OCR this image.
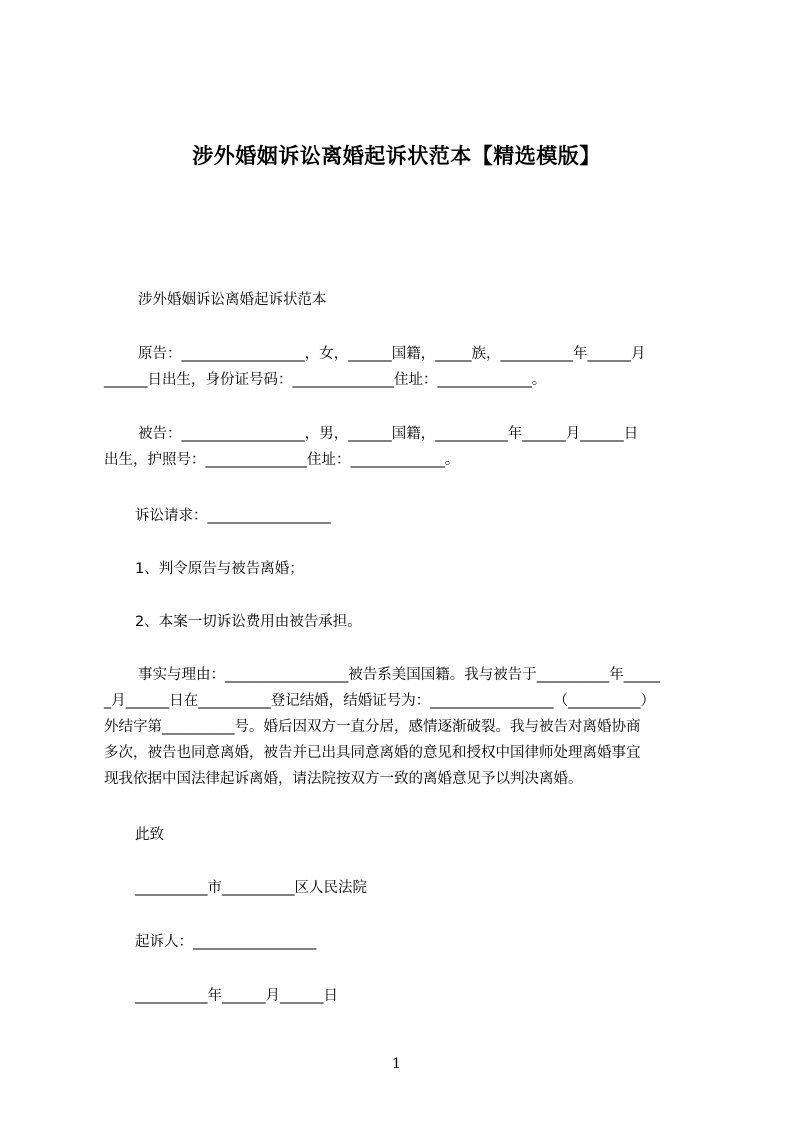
涉外婚姻诉讼离婚起诉状范本【精选模版】
涉外婚姻诉讼离婚起诉状范本
原告：_________________，女，______国籍，_____族，__________年______月
______日出生，身份证号码：______________住址：_____________。
被告：_________________，男，______国籍，__________年______月______日
出生，护照号：______________住址：_____________。
诉讼请求：_________________
1、判令原告与被告离婚；
2、本案一切诉讼费用由被告承担。
事实与理由：_________________被告系美国国籍。我与被告于__________年_____
_月______日在__________登记结婚，结婚证号为：_________________（__________）
外结字第__________号。婚后因双方一直分居，感情逐渐破裂。我与被告对离婚协商
多次，被告也同意离婚，被告并已出具同意离婚的意见和授权中国律师处理离婚事宜
现我依据中国法律起诉离婚，请法院按双方一致的离婚意见予以判决离婚。
此致
__________市__________区人民法院
起诉人：_________________
__________年______月______日
1
